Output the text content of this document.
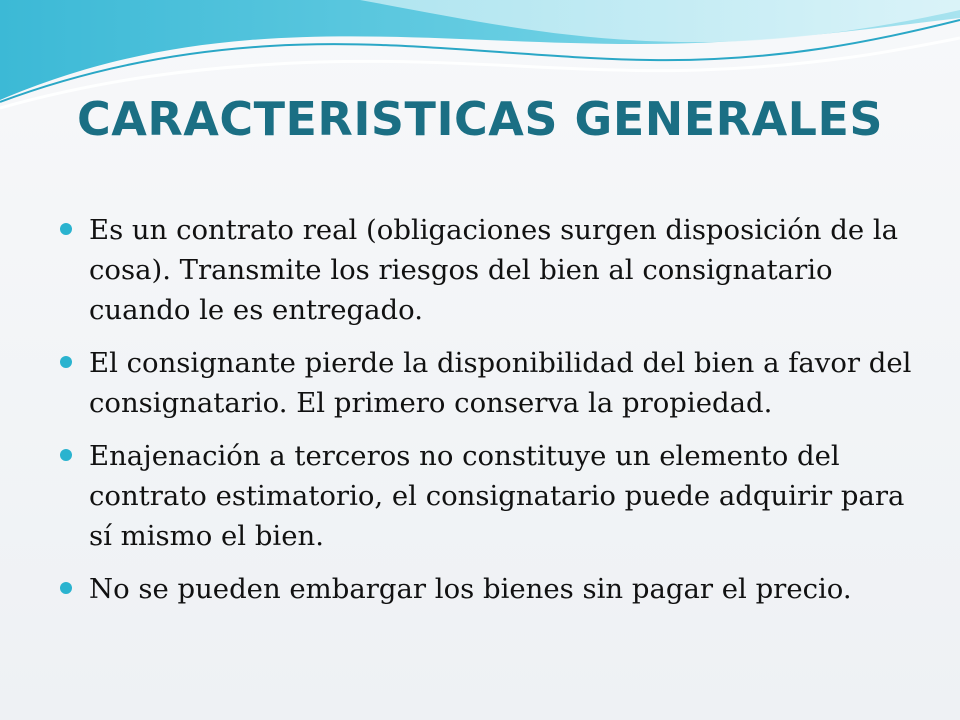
CARACTERISTICAS GENERALES
Es un contrato real (obligaciones surgen disposición de la cosa). Transmite los riesgos del bien al consignatario cuando le es entregado.
El consignante pierde la disponibilidad del bien a favor del consignatario. El primero conserva la propiedad.
Enajenación a terceros no constituye un elemento del contrato estimatorio, el consignatario puede adquirir para sí mismo el bien.
No se pueden embargar los bienes sin pagar el precio.
